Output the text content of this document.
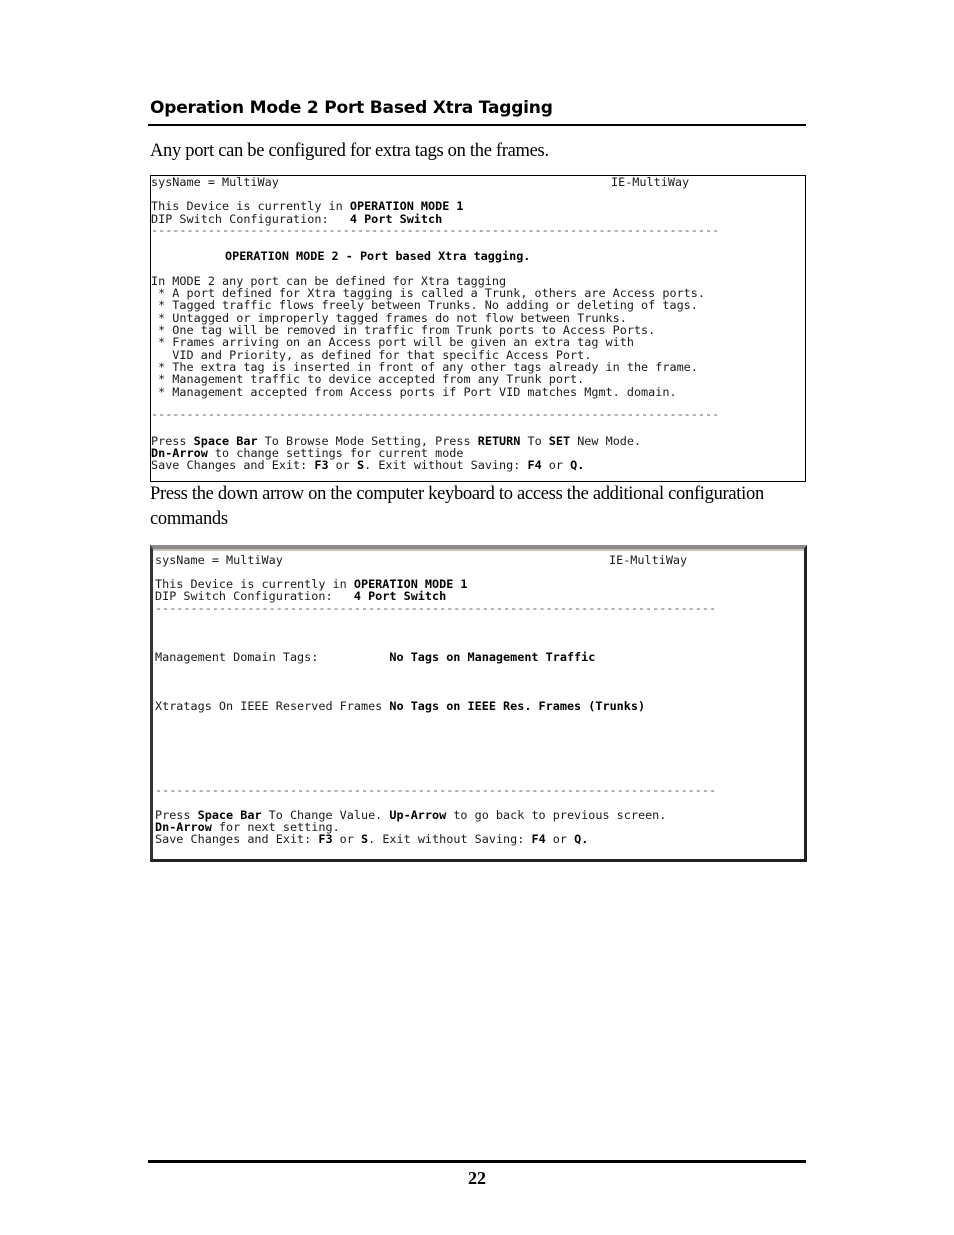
Operation Mode 2 Port Based Xtra Tagging
Any port can be configured for extra tags on the frames.
sysName = MultiWay	IE-MultiWay
This Device is currently in OPERATION MODE 1
DIP Switch Configuration:   4 Port Switch
--------------------------------------------------------------------------------
OPERATION MODE 2 - Port based Xtra tagging.
In MODE 2 any port can be defined for Xtra tagging
* A port defined for Xtra tagging is called a Trunk, others are Access ports.
* Tagged traffic flows freely between Trunks. No adding or deleting of tags.
* Untagged or improperly tagged frames do not flow between Trunks.
* One tag will be removed in traffic from Trunk ports to Access Ports.
* Frames arriving on an Access port will be given an extra tag with
VID and Priority, as defined for that specific Access Port.
* The extra tag is inserted in front of any other tags already in the frame.
* Management traffic to device accepted from any Trunk port.
* Management accepted from Access ports if Port VID matches Mgmt. domain.
--------------------------------------------------------------------------------
Press Space Bar To Browse Mode Setting, Press RETURN To SET New Mode.
Dn-Arrow to change settings for current mode
Save Changes and Exit: F3 or S. Exit without Saving: F4 or Q.
Press the down arrow on the computer keyboard to access the additional configuration commands
sysName = MultiWay	IE-MultiWay
This Device is currently in OPERATION MODE 1
DIP Switch Configuration:   4 Port Switch
-------------------------------------------------------------------------------
Management Domain Tags:          No Tags on Management Traffic
Xtratags On IEEE Reserved Frames No Tags on IEEE Res. Frames (Trunks)
-------------------------------------------------------------------------------
Press Space Bar To Change Value. Up-Arrow to go back to previous screen.
Dn-Arrow for next setting.
Save Changes and Exit: F3 or S. Exit without Saving: F4 or Q.
22
